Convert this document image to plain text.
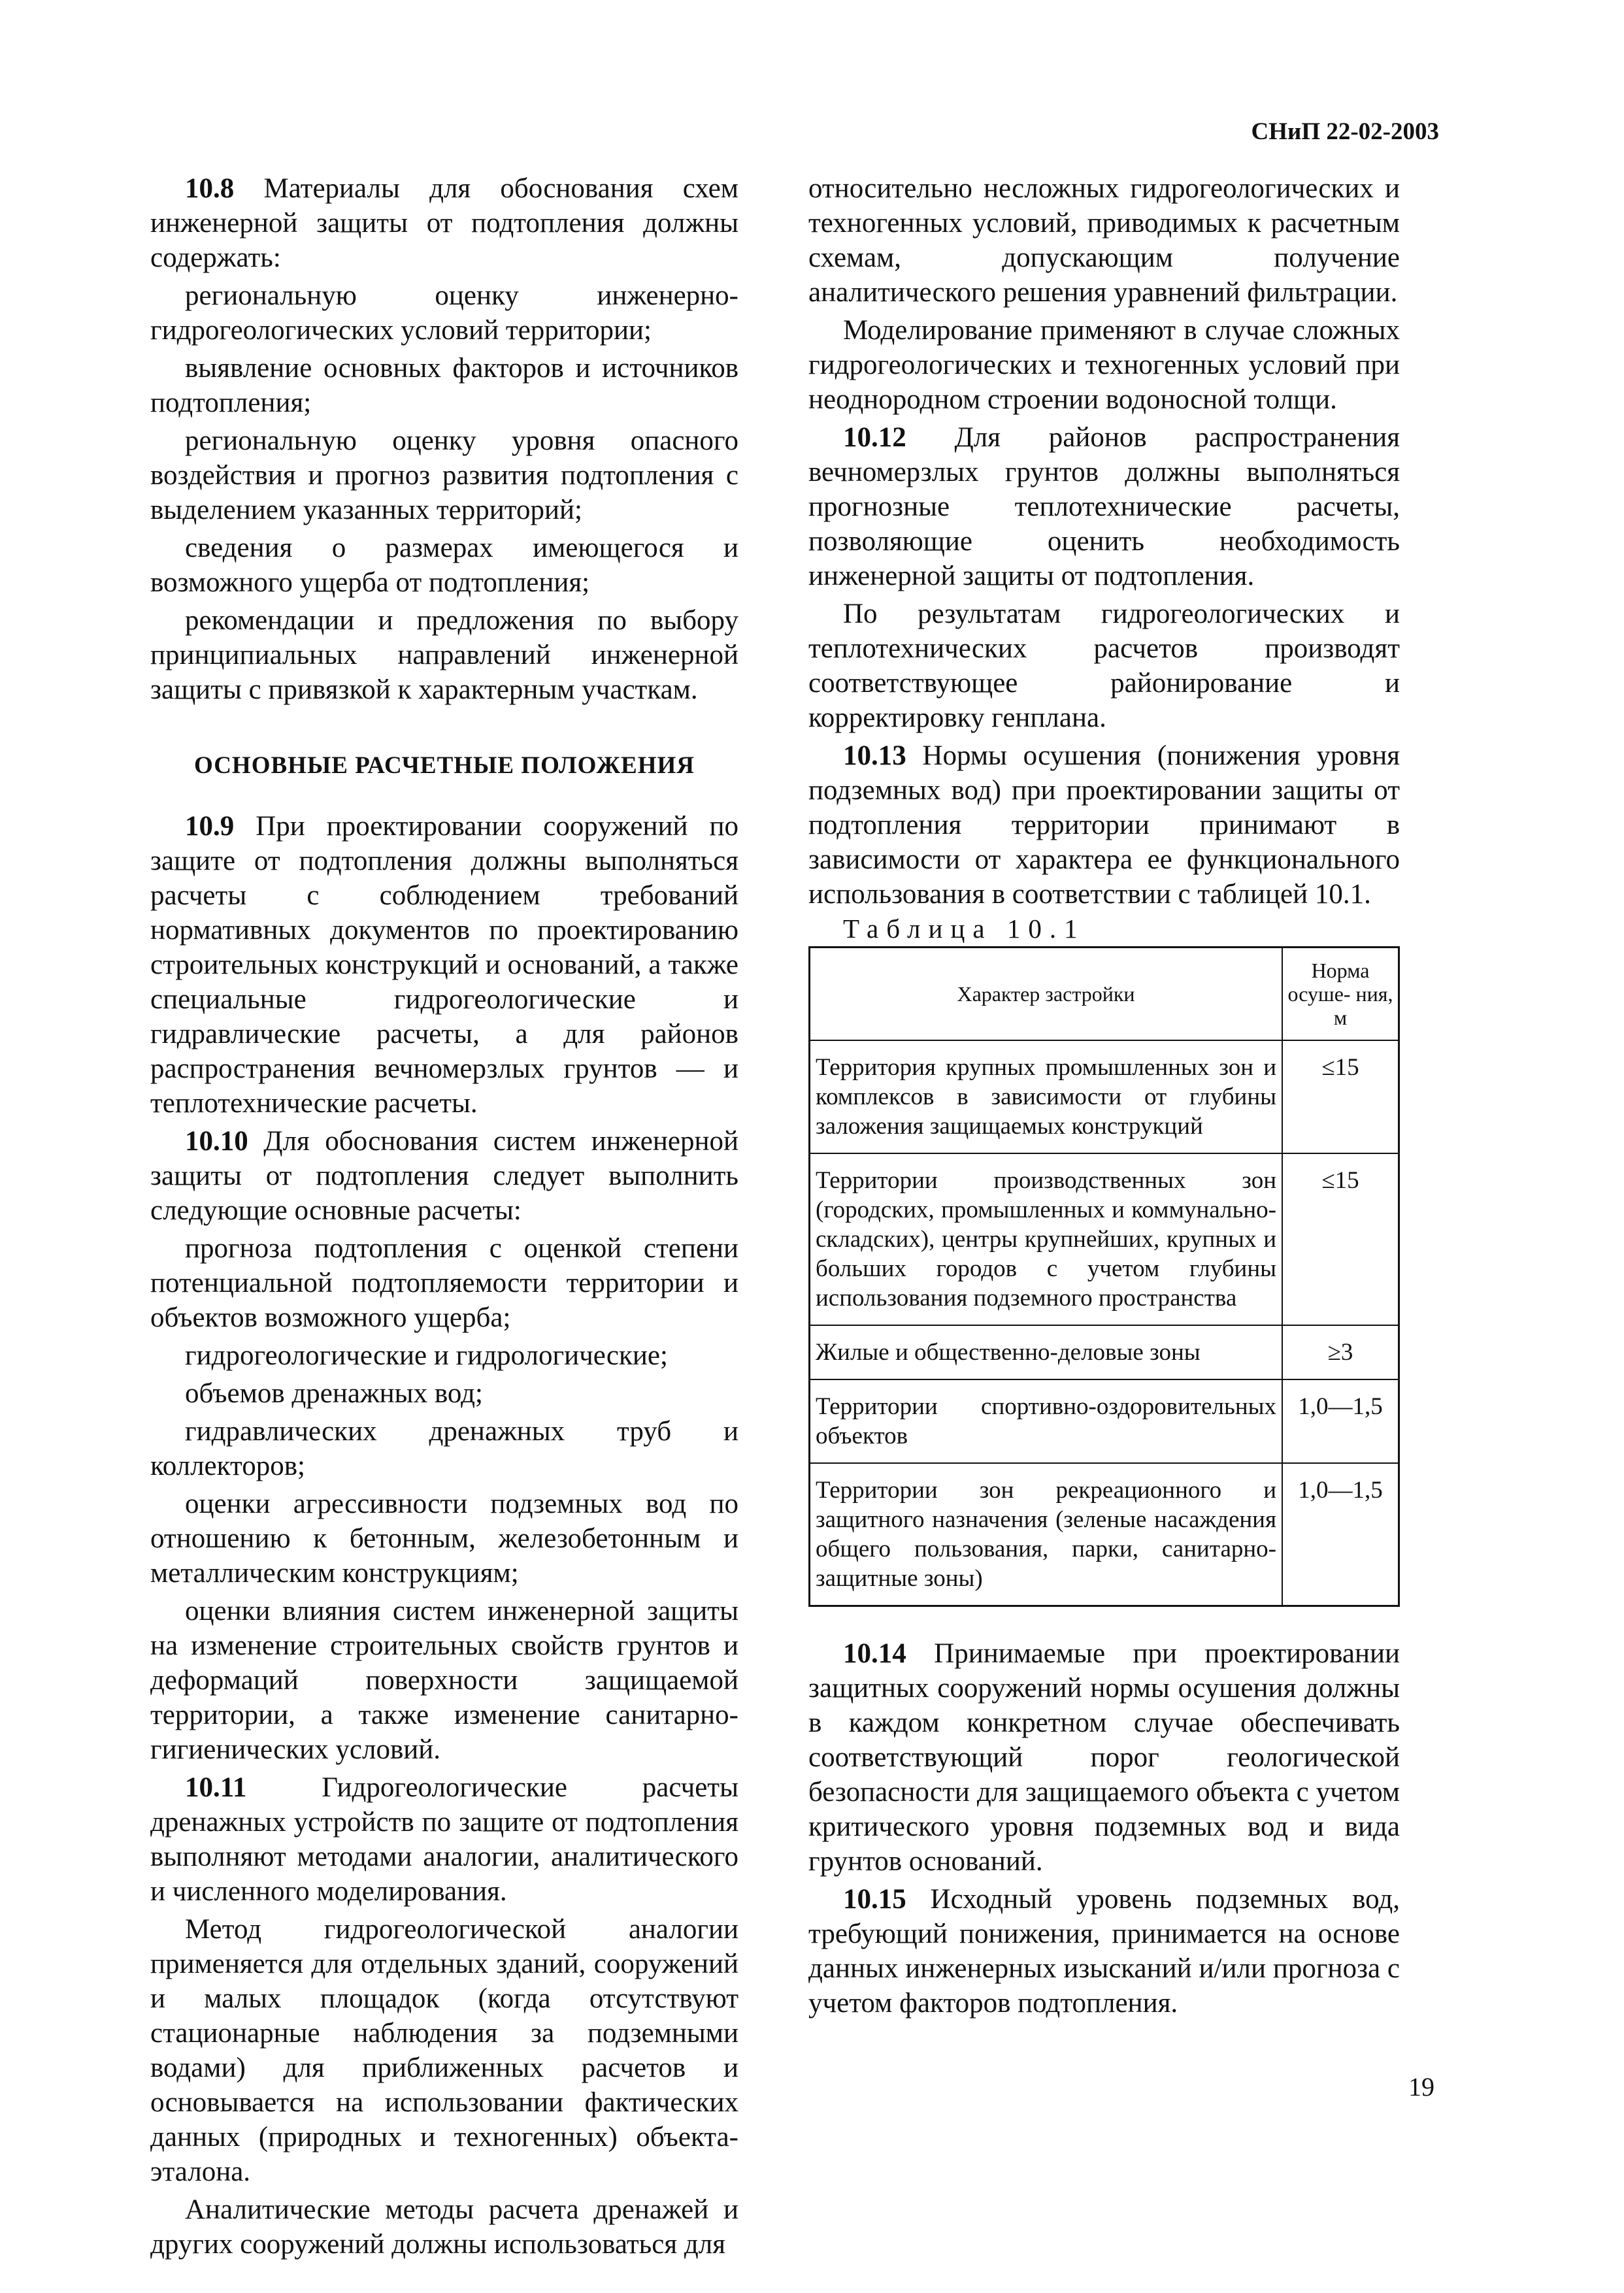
СНиП 22-02-2003

10.8 Материалы для обоснования схем инженерной защиты от подтопления должны содержать:

региональную оценку инженерно-гидрогеологических условий территории;

выявление основных факторов и источников подтопления;

региональную оценку уровня опасного воздействия и прогноз развития подтопления с выделением указанных территорий;

сведения о размерах имеющегося и возможного ущерба от подтопления;

рекомендации и предложения по выбору принципиальных направлений инженерной защиты с привязкой к характерным участкам.

ОСНОВНЫЕ РАСЧЕТНЫЕ ПОЛОЖЕНИЯ

10.9 При проектировании сооружений по защите от подтопления должны выполняться расчеты с соблюдением требований нормативных документов по проектированию строительных конструкций и оснований, а также специальные гидрогеологические и гидравлические расчеты, а для районов распространения вечномерзлых грунтов — и теплотехнические расчеты.

10.10 Для обоснования систем инженерной защиты от подтопления следует выполнить следующие основные расчеты:

прогноза подтопления с оценкой степени потенциальной подтопляемости территории и объектов возможного ущерба;

гидрогеологические и гидрологические;

объемов дренажных вод;

гидравлических дренажных труб и коллекторов;

оценки агрессивности подземных вод по отношению к бетонным, железобетонным и металлическим конструкциям;

оценки влияния систем инженерной защиты на изменение строительных свойств грунтов и деформаций поверхности защищаемой территории, а также изменение санитарно-гигиенических условий.

10.11 Гидрогеологические расчеты дренажных устройств по защите от подтопления выполняют методами аналогии, аналитического и численного моделирования.

Метод гидрогеологической аналогии применяется для отдельных зданий, сооружений и малых площадок (когда отсутствуют стационарные наблюдения за подземными водами) для приближенных расчетов и основывается на использовании фактических данных (природных и техногенных) объекта-эталона.

Аналитические методы расчета дренажей и других сооружений должны использоваться для

относительно несложных гидрогеологических и техногенных условий, приводимых к расчетным схемам, допускающим получение аналитического решения уравнений фильтрации.

Моделирование применяют в случае сложных гидрогеологических и техногенных условий при неоднородном строении водоносной толщи.

10.12 Для районов распространения вечномерзлых грунтов должны выполняться прогнозные теплотехнические расчеты, позволяющие оценить необходимость инженерной защиты от подтопления.

По результатам гидрогеологических и теплотехнических расчетов производят соответствующее районирование и корректировку генплана.

10.13 Нормы осушения (понижения уровня подземных вод) при проектировании защиты от подтопления территории принимают в зависимости от характера ее функционального использования в соответствии с таблицей 10.1.

Таблица 10.1

Характер застройки	Норма осуше- ния, м
Территория крупных промышленных зон и комплексов в зависимости от глубины заложения защищаемых конструкций	≤15
Территории производственных зон (городских, промышленных и коммунально-складских), центры крупнейших, крупных и больших городов с учетом глубины использования подземного пространства	≤15
Жилые и общественно-деловые зоны	≥3
Территории спортивно-оздоровительных объектов	1,0—1,5
Территории зон рекреационного и защитного назначения (зеленые насаждения общего пользования, парки, санитарно-защитные зоны)	1,0—1,5

10.14 Принимаемые при проектировании защитных сооружений нормы осушения должны в каждом конкретном случае обеспечивать соответствующий порог геологической безопасности для защищаемого объекта с учетом критического уровня подземных вод и вида грунтов оснований.

10.15 Исходный уровень подземных вод, требующий понижения, принимается на основе данных инженерных изысканий и/или прогноза с учетом факторов подтопления.

19
